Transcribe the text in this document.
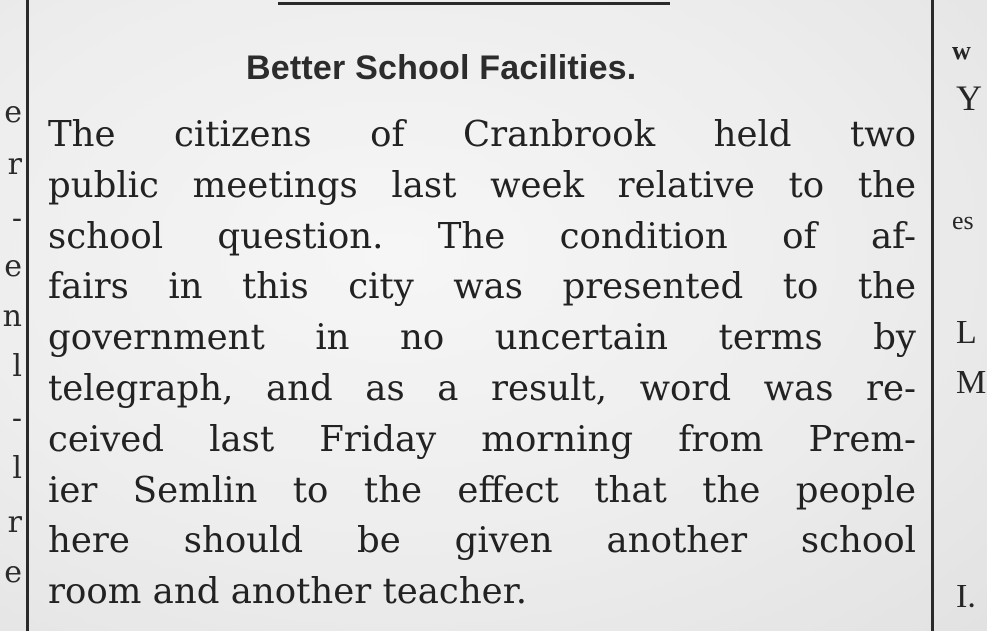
e
r
-
e
n
l
-
l
r
e
w
Y
es
L
M
I.
Better School Facilities.
The citizens of Cranbrook held two
public meetings last week relative to the
school question. The condition of af-
fairs in this city was presented to the
government in no uncertain terms by
telegraph, and as a result, word was re-
ceived last Friday morning from Prem-
ier Semlin to the effect that the people
here should be given another school
room and another teacher.
